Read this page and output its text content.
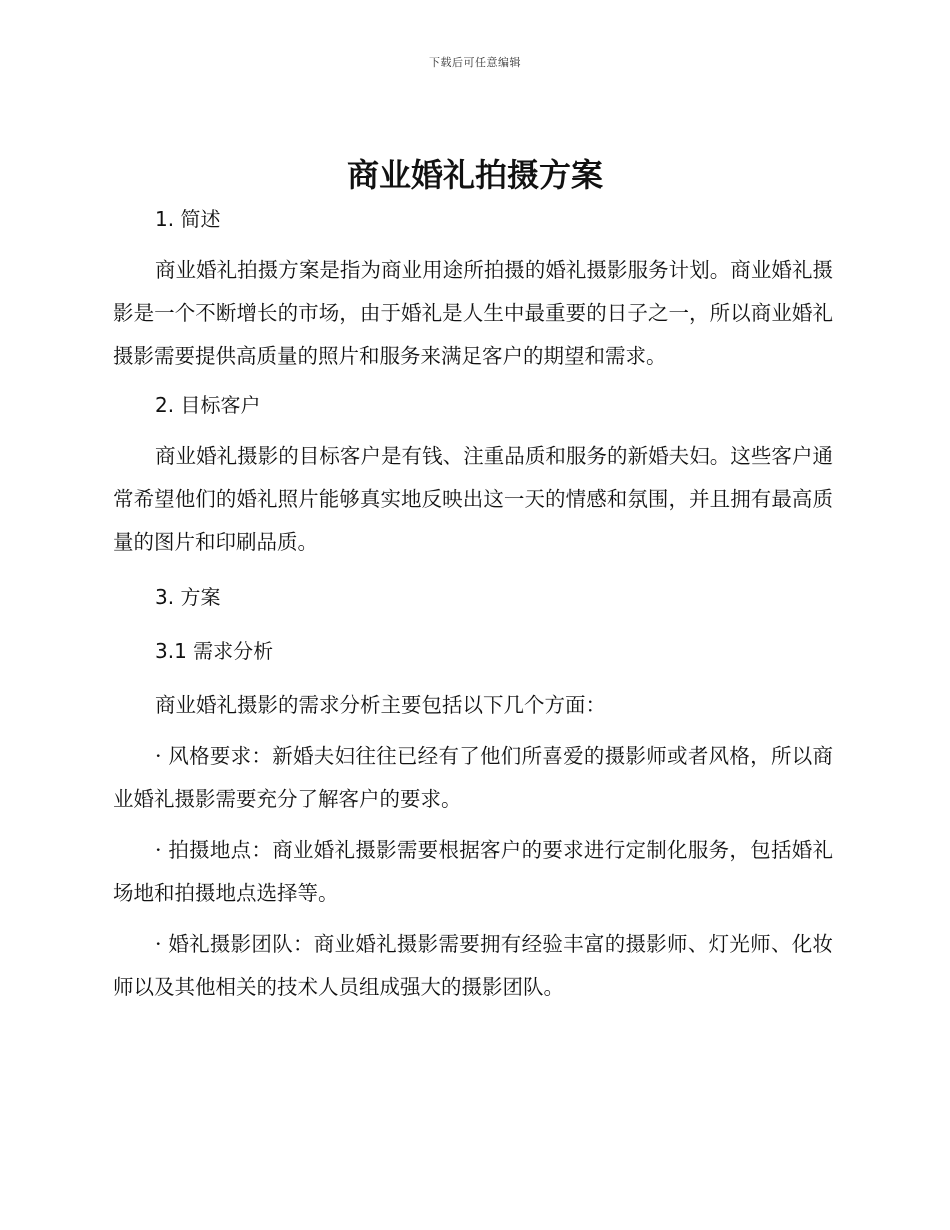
下载后可任意编辑
商业婚礼拍摄方案
1. 简述

商业婚礼拍摄方案是指为商业用途所拍摄的婚礼摄影服务计划。商业婚礼摄影是一个不断增长的市场，由于婚礼是人生中最重要的日子之一，所以商业婚礼摄影需要提供高质量的照片和服务来满足客户的期望和需求。

2. 目标客户

商业婚礼摄影的目标客户是有钱、注重品质和服务的新婚夫妇。这些客户通常希望他们的婚礼照片能够真实地反映出这一天的情感和氛围，并且拥有最高质量的图片和印刷品质。

3. 方案
3.1 需求分析

商业婚礼摄影的需求分析主要包括以下几个方面：

· 风格要求：新婚夫妇往往已经有了他们所喜爱的摄影师或者风格，所以商业婚礼摄影需要充分了解客户的要求。

· 拍摄地点：商业婚礼摄影需要根据客户的要求进行定制化服务，包括婚礼场地和拍摄地点选择等。

· 婚礼摄影团队：商业婚礼摄影需要拥有经验丰富的摄影师、灯光师、化妆师以及其他相关的技术人员组成强大的摄影团队。
